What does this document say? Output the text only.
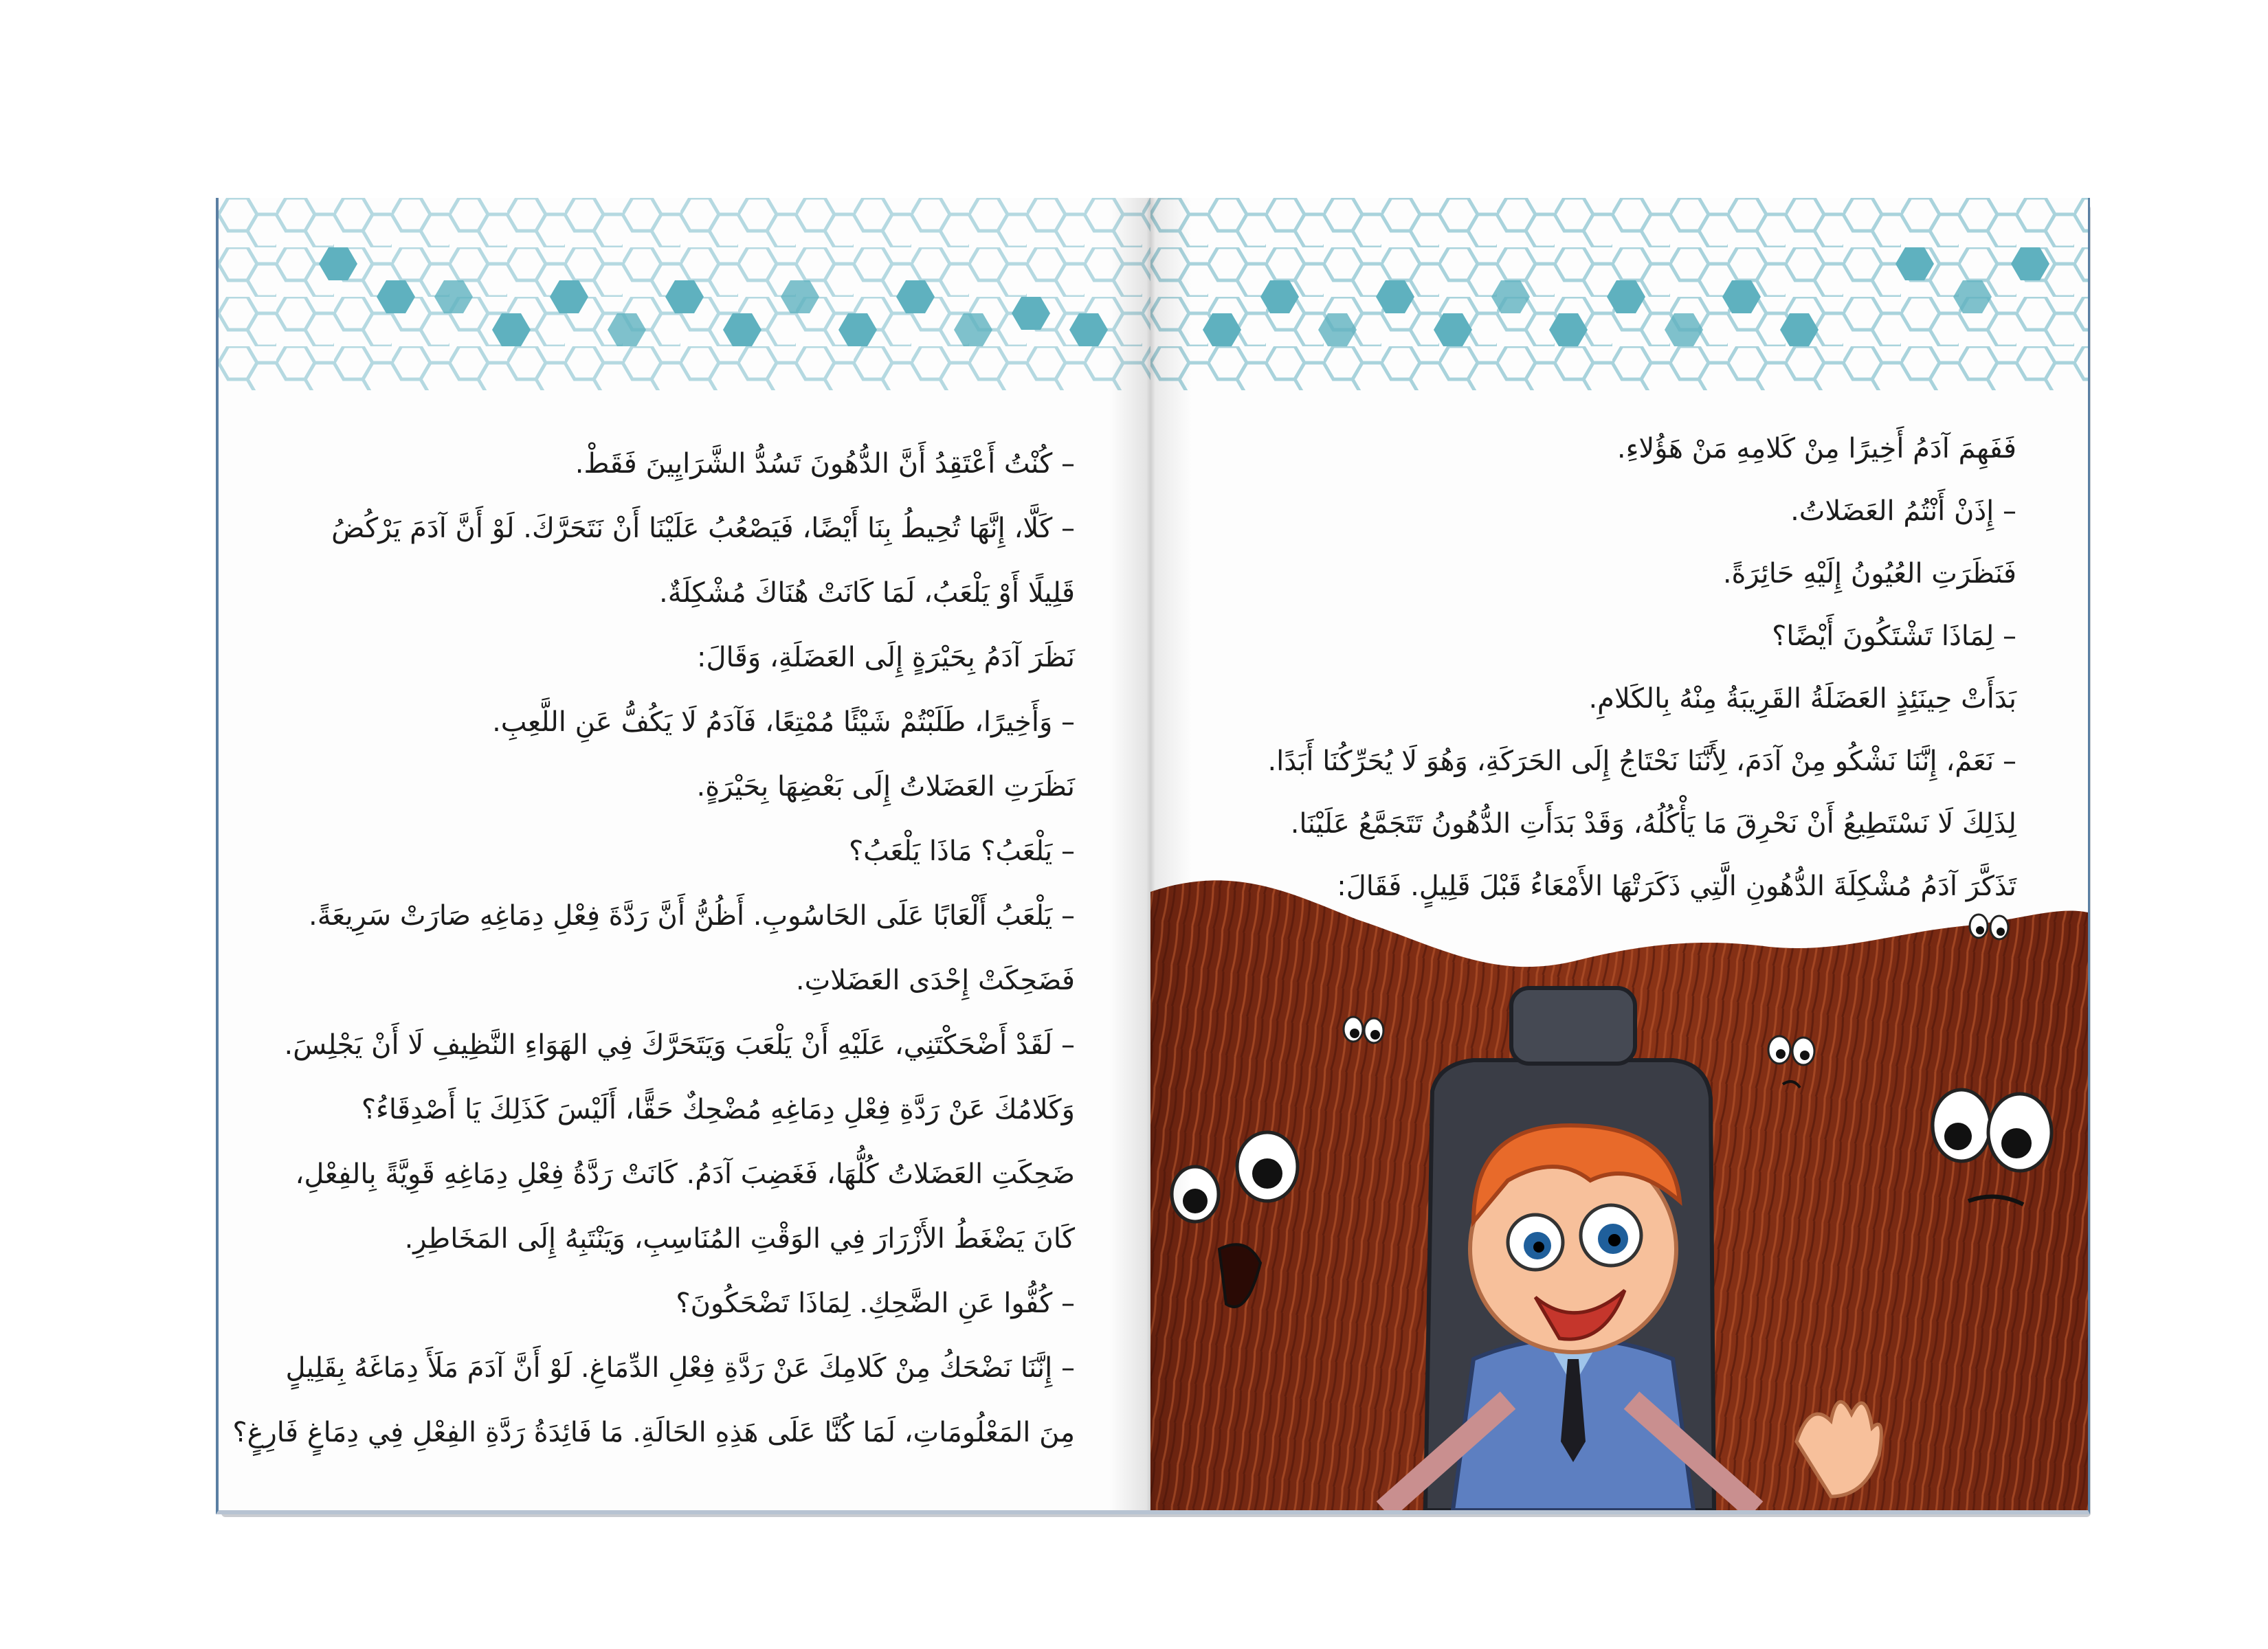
– كُنْتُ أَعْتَقِدُ أَنَّ الدُّهُونَ تَسُدُّ الشَّرَايِينَ فَقَطْ.
– كَلَّا، إِنَّهَا تُحِيطُ بِنَا أَيْضًا، فَيَصْعُبُ عَلَيْنَا أَنْ نَتَحَرَّكَ. لَوْ أَنَّ آدَمَ يَرْكُضُ
قَلِيلًا أَوْ يَلْعَبُ، لَمَا كَانَتْ هُنَاكَ مُشْكِلَةٌ.
نَظَرَ آدَمُ بِحَيْرَةٍ إِلَى العَضَلَةِ، وَقَالَ:
– وَأَخِيرًا، طَلَبْتُمْ شَيْئًا مُمْتِعًا، فَآدَمُ لَا يَكُفُّ عَنِ اللَّعِبِ.
نَظَرَتِ العَضَلاتُ إِلَى بَعْضِهَا بِحَيْرَةٍ.
– يَلْعَبُ؟ مَاذَا يَلْعَبُ؟
– يَلْعَبُ أَلْعَابًا عَلَى الحَاسُوبِ. أَظُنُّ أَنَّ رَدَّةَ فِعْلِ دِمَاغِهِ صَارَتْ سَرِيعَةً.
فَضَحِكَتْ إِحْدَى العَضَلاتِ.
– لَقَدْ أَضْحَكْتَنِي، عَلَيْهِ أَنْ يَلْعَبَ وَيَتَحَرَّكَ فِي الهَوَاءِ النَّظِيفِ لَا أَنْ يَجْلِسَ.
وَكَلامُكَ عَنْ رَدَّةِ فِعْلِ دِمَاغِهِ مُضْحِكٌ حَقًّا، أَلَيْسَ كَذَلِكَ يَا أَصْدِقَاءُ؟
ضَحِكَتِ العَضَلاتُ كُلُّهَا، فَغَضِبَ آدَمُ. كَانَتْ رَدَّةُ فِعْلِ دِمَاغِهِ قَوِيَّةً بِالفِعْلِ،
كَانَ يَضْغَطُ الأَزْرَارَ فِي الوَقْتِ المُنَاسِبِ، وَيَنْتَبِهُ إِلَى المَخَاطِرِ.
– كُفُّوا عَنِ الضَّحِكِ. لِمَاذَا تَضْحَكُونَ؟
– إِنَّنَا نَضْحَكُ مِنْ كَلامِكَ عَنْ رَدَّةِ فِعْلِ الدِّمَاغِ. لَوْ أَنَّ آدَمَ مَلَأَ دِمَاغَهُ بِقَلِيلٍ
مِنَ المَعْلُومَاتِ، لَمَا كُنَّا عَلَى هَذِهِ الحَالَةِ. مَا فَائِدَةُ رَدَّةِ الفِعْلِ فِي دِمَاغٍ فَارِغٍ؟
فَفَهِمَ آدَمُ أَخِيرًا مِنْ كَلامِهِ مَنْ هَؤُلاءِ.
– إِذَنْ أَنْتُمُ العَضَلاتُ.
فَنَظَرَتِ العُيُونُ إِلَيْهِ حَائِرَةً.
– لِمَاذَا تَشْتَكُونَ أَيْضًا؟
بَدَأَتْ حِينَئِذٍ العَضَلَةُ القَرِيبَةُ مِنْهُ بِالكَلامِ.
– نَعَمْ، إِنَّنَا نَشْكُو مِنْ آدَمَ، لِأَنَّنَا نَحْتَاجُ إِلَى الحَرَكَةِ، وَهُوَ لَا يُحَرِّكُنَا أَبَدًا.
لِذَلِكَ لَا نَسْتَطِيعُ أَنْ نَحْرِقَ مَا يَأْكُلُهُ، وَقَدْ بَدَأَتِ الدُّهُونُ تَتَجَمَّعُ عَلَيْنَا.
تَذَكَّرَ آدَمُ مُشْكِلَةَ الدُّهُونِ الَّتِي ذَكَرَتْهَا الأَمْعَاءُ قَبْلَ قَلِيلٍ. فَقَالَ:
